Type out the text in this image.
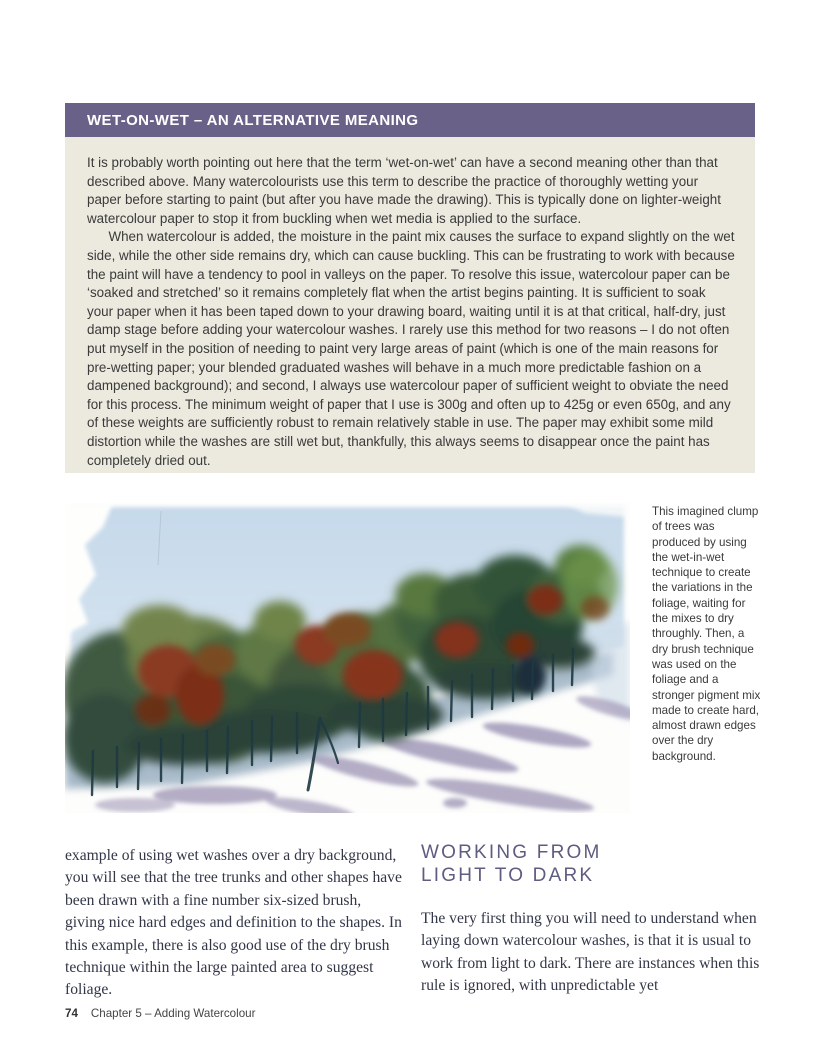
WET-ON-WET – AN ALTERNATIVE MEANING

It is probably worth pointing out here that the term ‘wet-on-wet’ can have a second meaning other than that described above. Many watercolourists use this term to describe the practice of thoroughly wetting your paper before starting to paint (but after you have made the drawing). This is typically done on lighter-weight watercolour paper to stop it from buckling when wet media is applied to the surface.

When watercolour is added, the moisture in the paint mix causes the surface to expand slightly on the wet side, while the other side remains dry, which can cause buckling. This can be frustrating to work with because the paint will have a tendency to pool in valleys on the paper. To resolve this issue, watercolour paper can be ‘soaked and stretched’ so it remains completely flat when the artist begins painting. It is sufficient to soak your paper when it has been taped down to your drawing board, waiting until it is at that critical, half-dry, just damp stage before adding your watercolour washes. I rarely use this method for two reasons – I do not often put myself in the position of needing to paint very large areas of paint (which is one of the main reasons for pre-wetting paper; your blended graduated washes will behave in a much more predictable fashion on a dampened background); and second, I always use watercolour paper of sufficient weight to obviate the need for this process. The minimum weight of paper that I use is 300g and often up to 425g or even 650g, and any of these weights are sufficiently robust to remain relatively stable in use. The paper may exhibit some mild distortion while the washes are still wet but, thankfully, this always seems to disappear once the paint has completely dried out.

This imagined clump of trees was produced by using the wet-in-wet technique to create the variations in the foliage, waiting for the mixes to dry throughly. Then, a dry brush technique was used on the foliage and a stronger pigment mix made to create hard, almost drawn edges over the dry background.
example of using wet washes over a dry background, you will see that the tree trunks and other shapes have been drawn with a fine number six-sized brush, giving nice hard edges and definition to the shapes. In this example, there is also good use of the dry brush technique within the large painted area to suggest foliage.
WORKING FROM
LIGHT TO DARK
The very first thing you will need to understand when laying down watercolour washes, is that it is usual to work from light to dark. There are instances when this rule is ignored, with unpredictable yet
74 Chapter 5 – Adding Watercolour
